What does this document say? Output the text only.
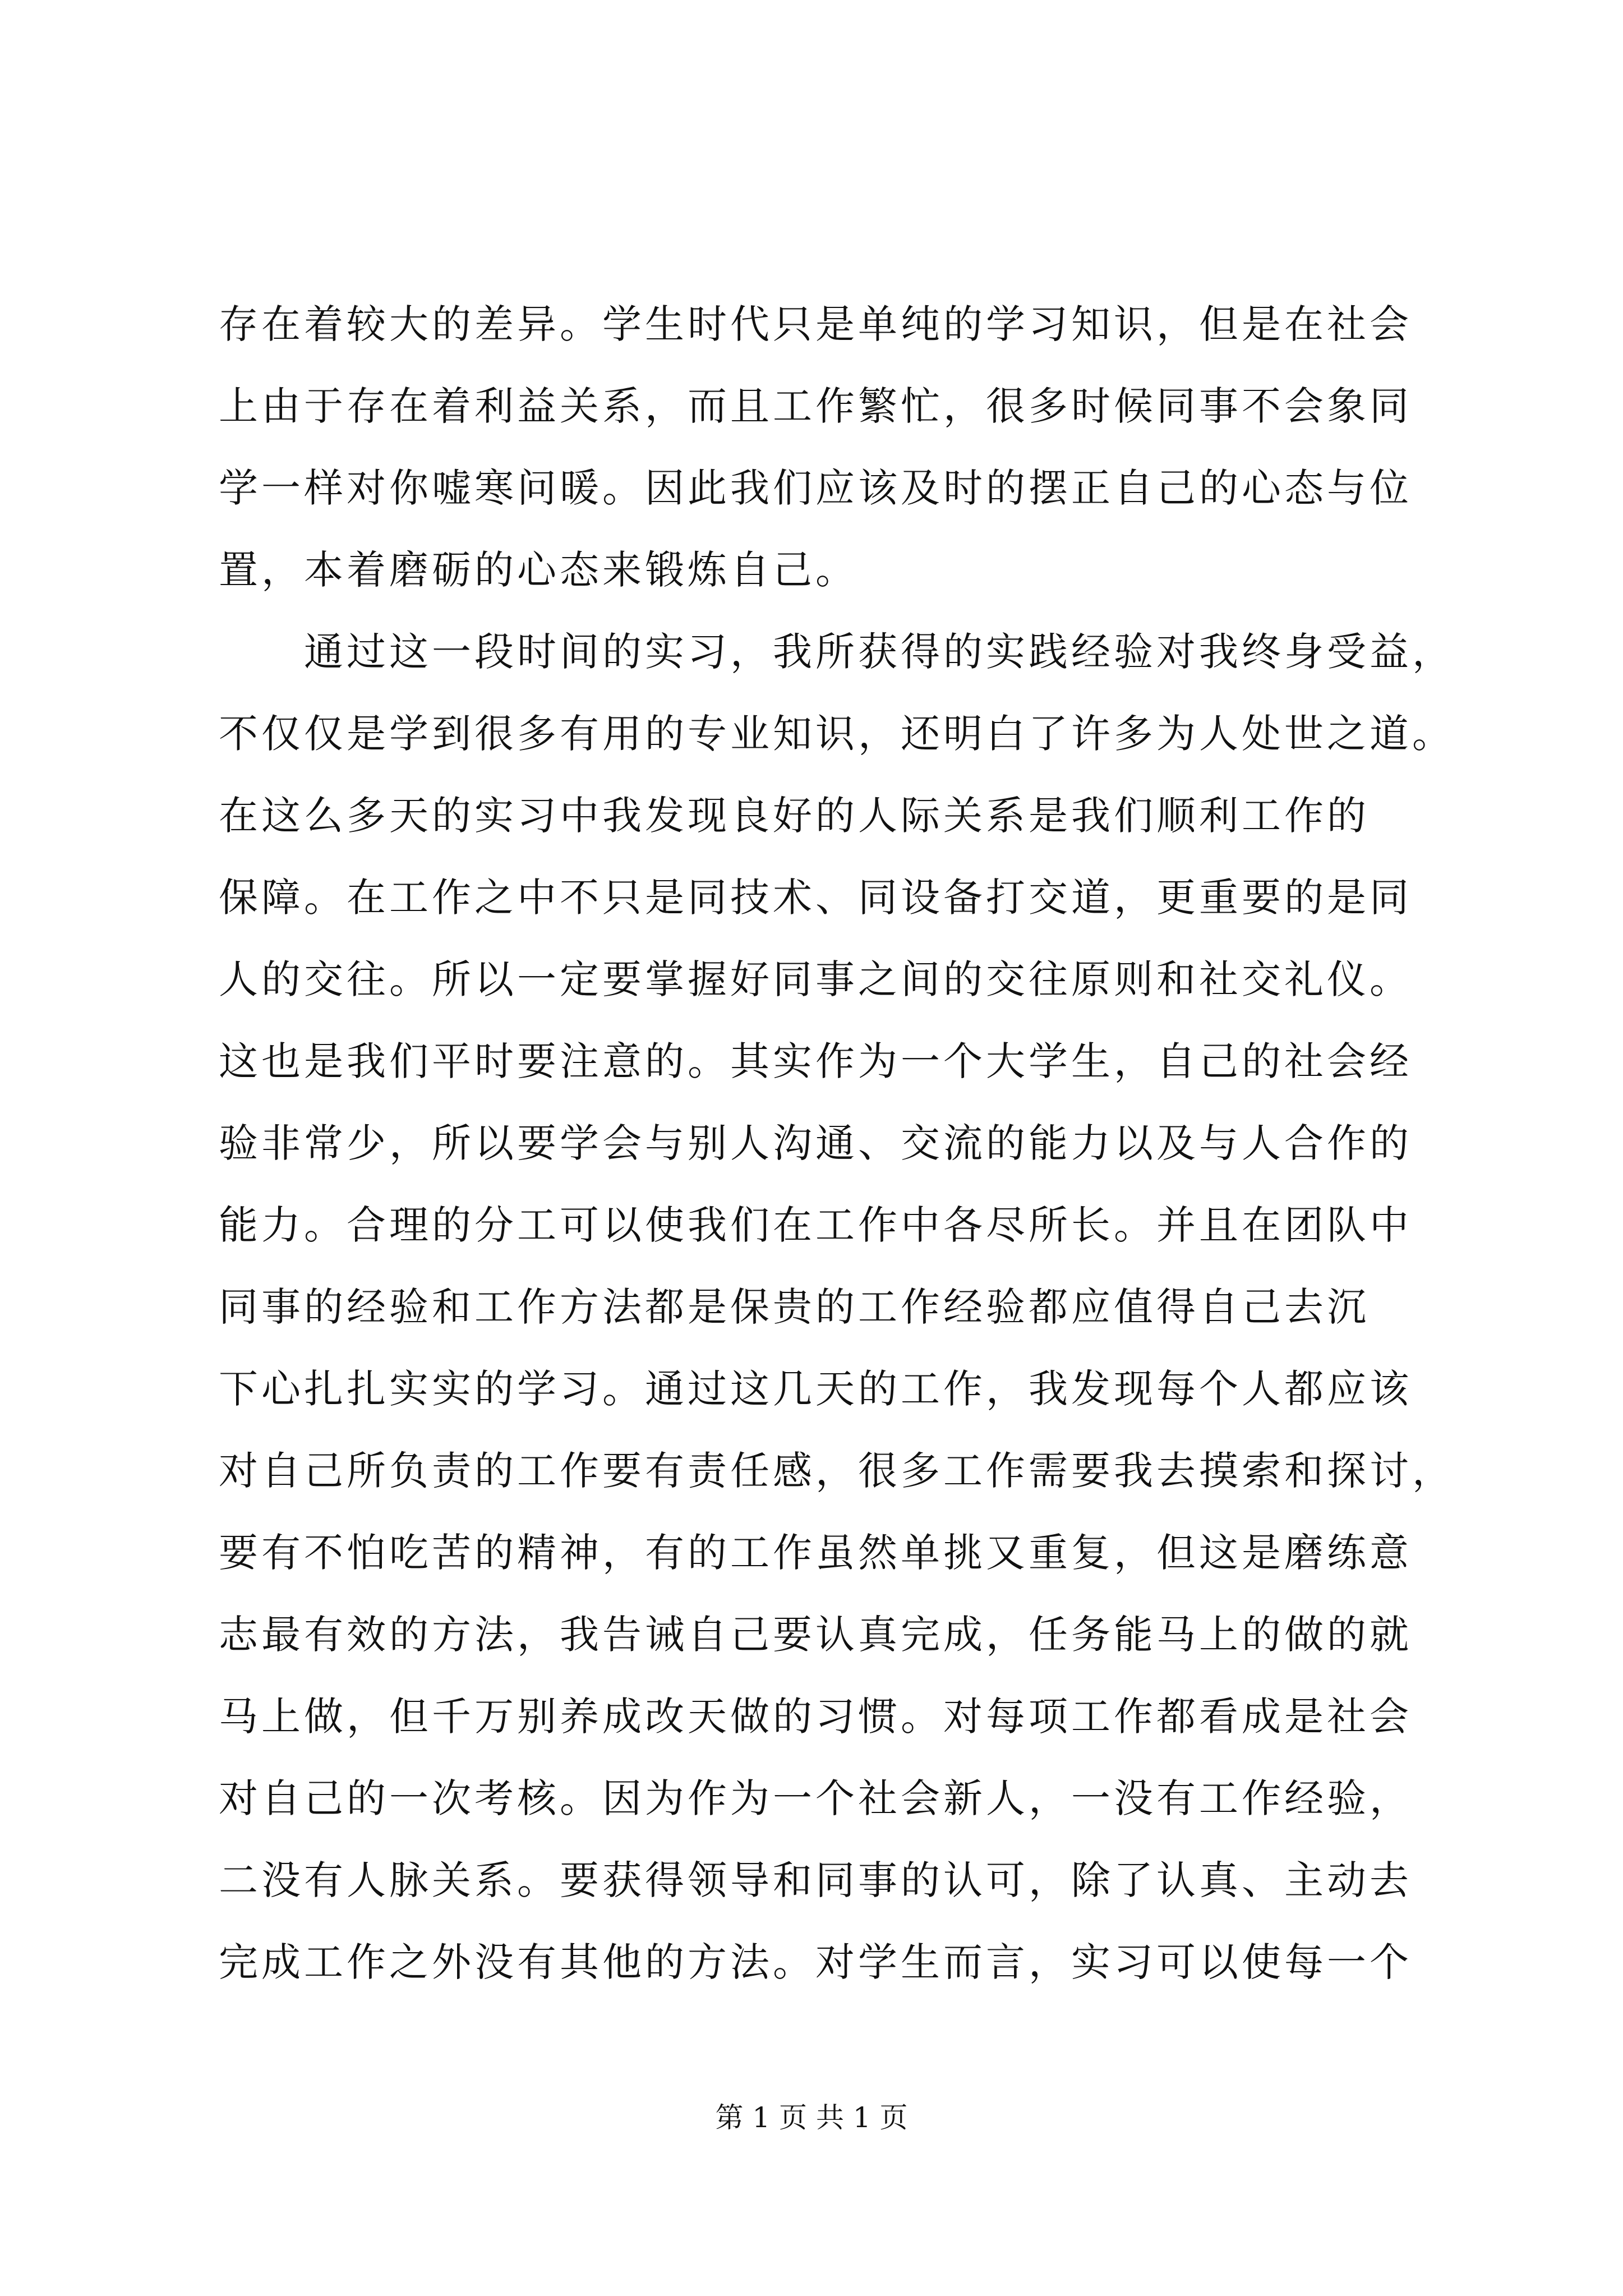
存在着较大的差异。学生时代只是单纯的学习知识，但是在社会
上由于存在着利益关系，而且工作繁忙，很多时候同事不会象同
学一样对你嘘寒问暖。因此我们应该及时的摆正自己的心态与位
置，本着磨砺的心态来锻炼自己。
　　通过这一段时间的实习，我所获得的实践经验对我终身受益，
不仅仅是学到很多有用的专业知识，还明白了许多为人处世之道。
在这么多天的实习中我发现良好的人际关系是我们顺利工作的
保障。在工作之中不只是同技术、同设备打交道，更重要的是同
人的交往。所以一定要掌握好同事之间的交往原则和社交礼仪。
这也是我们平时要注意的。其实作为一个大学生，自己的社会经
验非常少，所以要学会与别人沟通、交流的能力以及与人合作的
能力。合理的分工可以使我们在工作中各尽所长。并且在团队中
同事的经验和工作方法都是保贵的工作经验都应值得自己去沉
下心扎扎实实的学习。通过这几天的工作，我发现每个人都应该
对自己所负责的工作要有责任感，很多工作需要我去摸索和探讨，
要有不怕吃苦的精神，有的工作虽然单挑又重复，但这是磨练意
志最有效的方法，我告诫自己要认真完成，任务能马上的做的就
马上做，但千万别养成改天做的习惯。对每项工作都看成是社会
对自己的一次考核。因为作为一个社会新人，一没有工作经验，
二没有人脉关系。要获得领导和同事的认可，除了认真、主动去
完成工作之外没有其他的方法。对学生而言，实习可以使每一个
第 1 页 共 1 页
